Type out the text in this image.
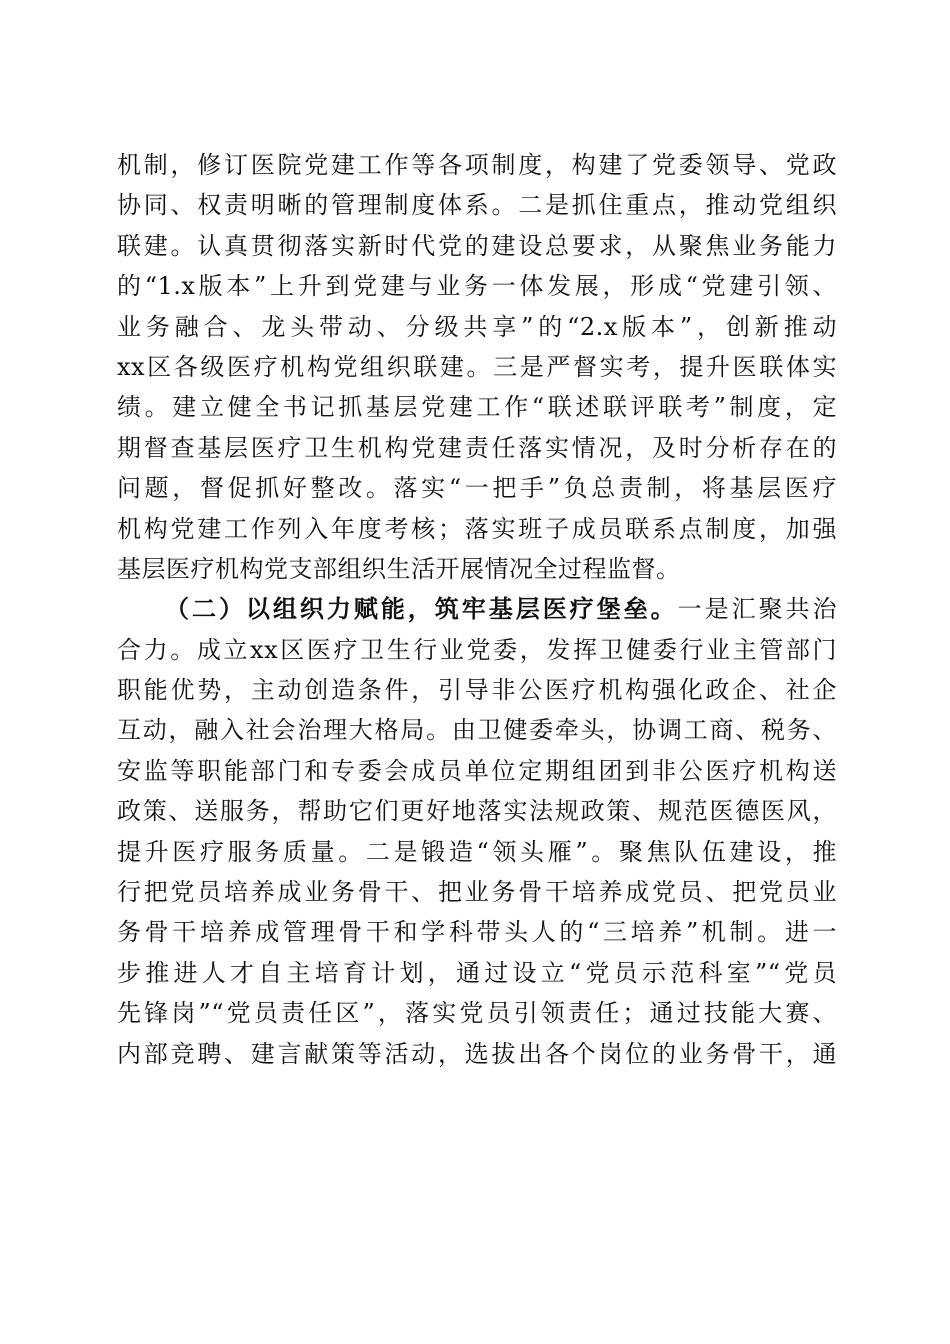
机制，修订医院党建工作等各项制度，构建了党委领导、党政
协同、权责明晰的管理制度体系。二是抓住重点，推动党组织
联建。认真贯彻落实新时代党的建设总要求，从聚焦业务能力
的“1.x版本”上升到党建与业务一体发展，形成“党建引领、
业务融合、龙头带动、分级共享”的“2.x版本”，创新推动
xx区各级医疗机构党组织联建。三是严督实考，提升医联体实
绩。建立健全书记抓基层党建工作“联述联评联考”制度，定
期督查基层医疗卫生机构党建责任落实情况，及时分析存在的
问题，督促抓好整改。落实“一把手”负总责制，将基层医疗
机构党建工作列入年度考核；落实班子成员联系点制度，加强
基层医疗机构党支部组织生活开展情况全过程监督。
（二）以组织力赋能，筑牢基层医疗堡垒。一是汇聚共治
合力。成立xx区医疗卫生行业党委，发挥卫健委行业主管部门
职能优势，主动创造条件，引导非公医疗机构强化政企、社企
互动，融入社会治理大格局。由卫健委牵头，协调工商、税务、
安监等职能部门和专委会成员单位定期组团到非公医疗机构送
政策、送服务，帮助它们更好地落实法规政策、规范医德医风，
提升医疗服务质量。二是锻造“领头雁”。聚焦队伍建设，推
行把党员培养成业务骨干、把业务骨干培养成党员、把党员业
务骨干培养成管理骨干和学科带头人的“三培养”机制。进一
步推进人才自主培育计划，通过设立“党员示范科室”“党员
先锋岗”“党员责任区”，落实党员引领责任；通过技能大赛、
内部竞聘、建言献策等活动，选拔出各个岗位的业务骨干，通
